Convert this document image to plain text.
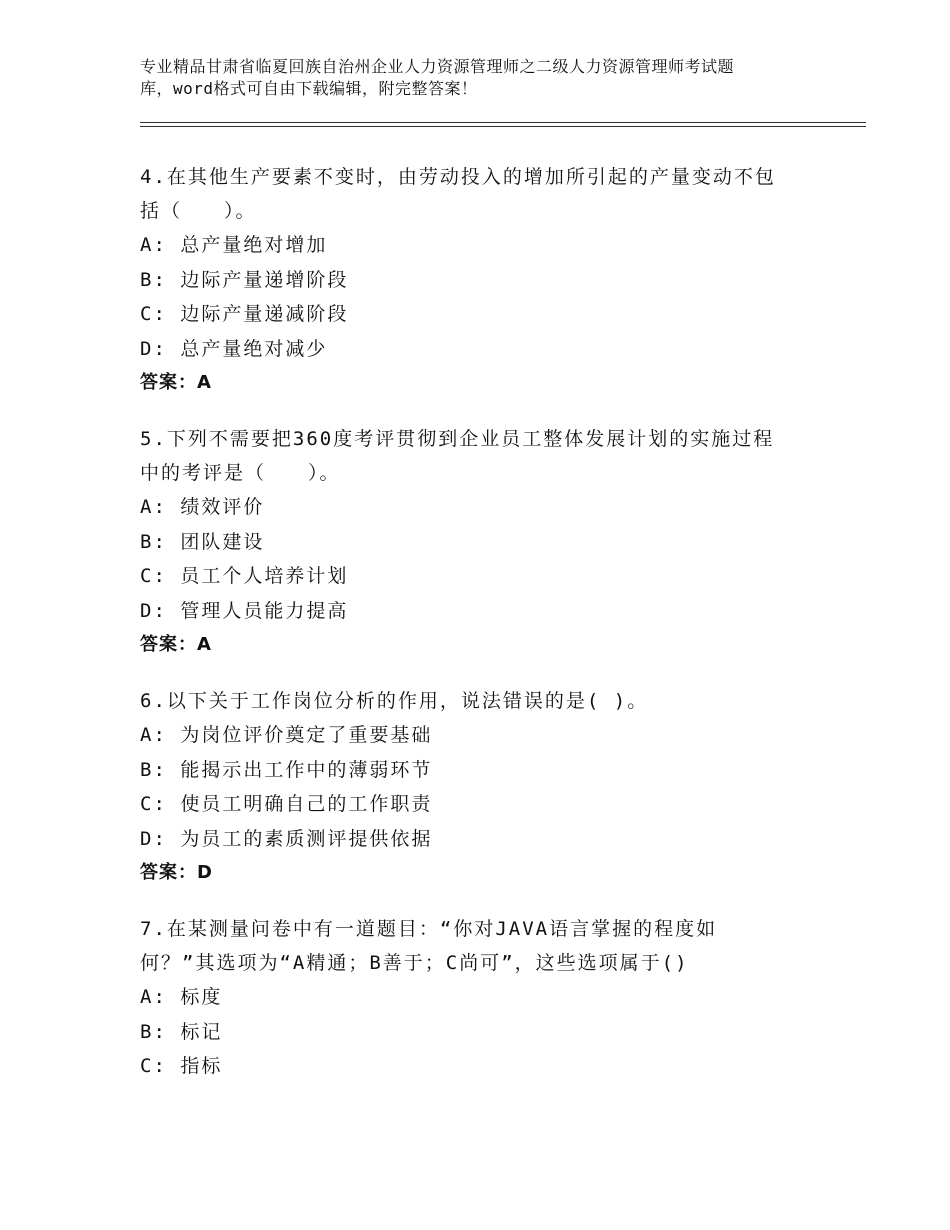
专业精品甘肃省临夏回族自治州企业人力资源管理师之二级人力资源管理师考试题
库，word格式可自由下载编辑，附完整答案！

4.在其他生产要素不变时，由劳动投入的增加所引起的产量变动不包

括（　　）。

A: 总产量绝对增加

B: 边际产量递增阶段

C: 边际产量递减阶段

D: 总产量绝对减少

答案：A

5.下列不需要把360度考评贯彻到企业员工整体发展计划的实施过程

中的考评是（　　）。

A: 绩效评价

B: 团队建设

C: 员工个人培养计划

D: 管理人员能力提高

答案：A

6.以下关于工作岗位分析的作用，说法错误的是( )。

A: 为岗位评价奠定了重要基础

B: 能揭示出工作中的薄弱环节

C: 使员工明确自己的工作职责

D: 为员工的素质测评提供依据

答案：D

7.在某测量问卷中有一道题目：“你对JAVA语言掌握的程度如

何？”其选项为“A精通；B善于；C尚可”，这些选项属于()

A: 标度

B: 标记

C: 指标
